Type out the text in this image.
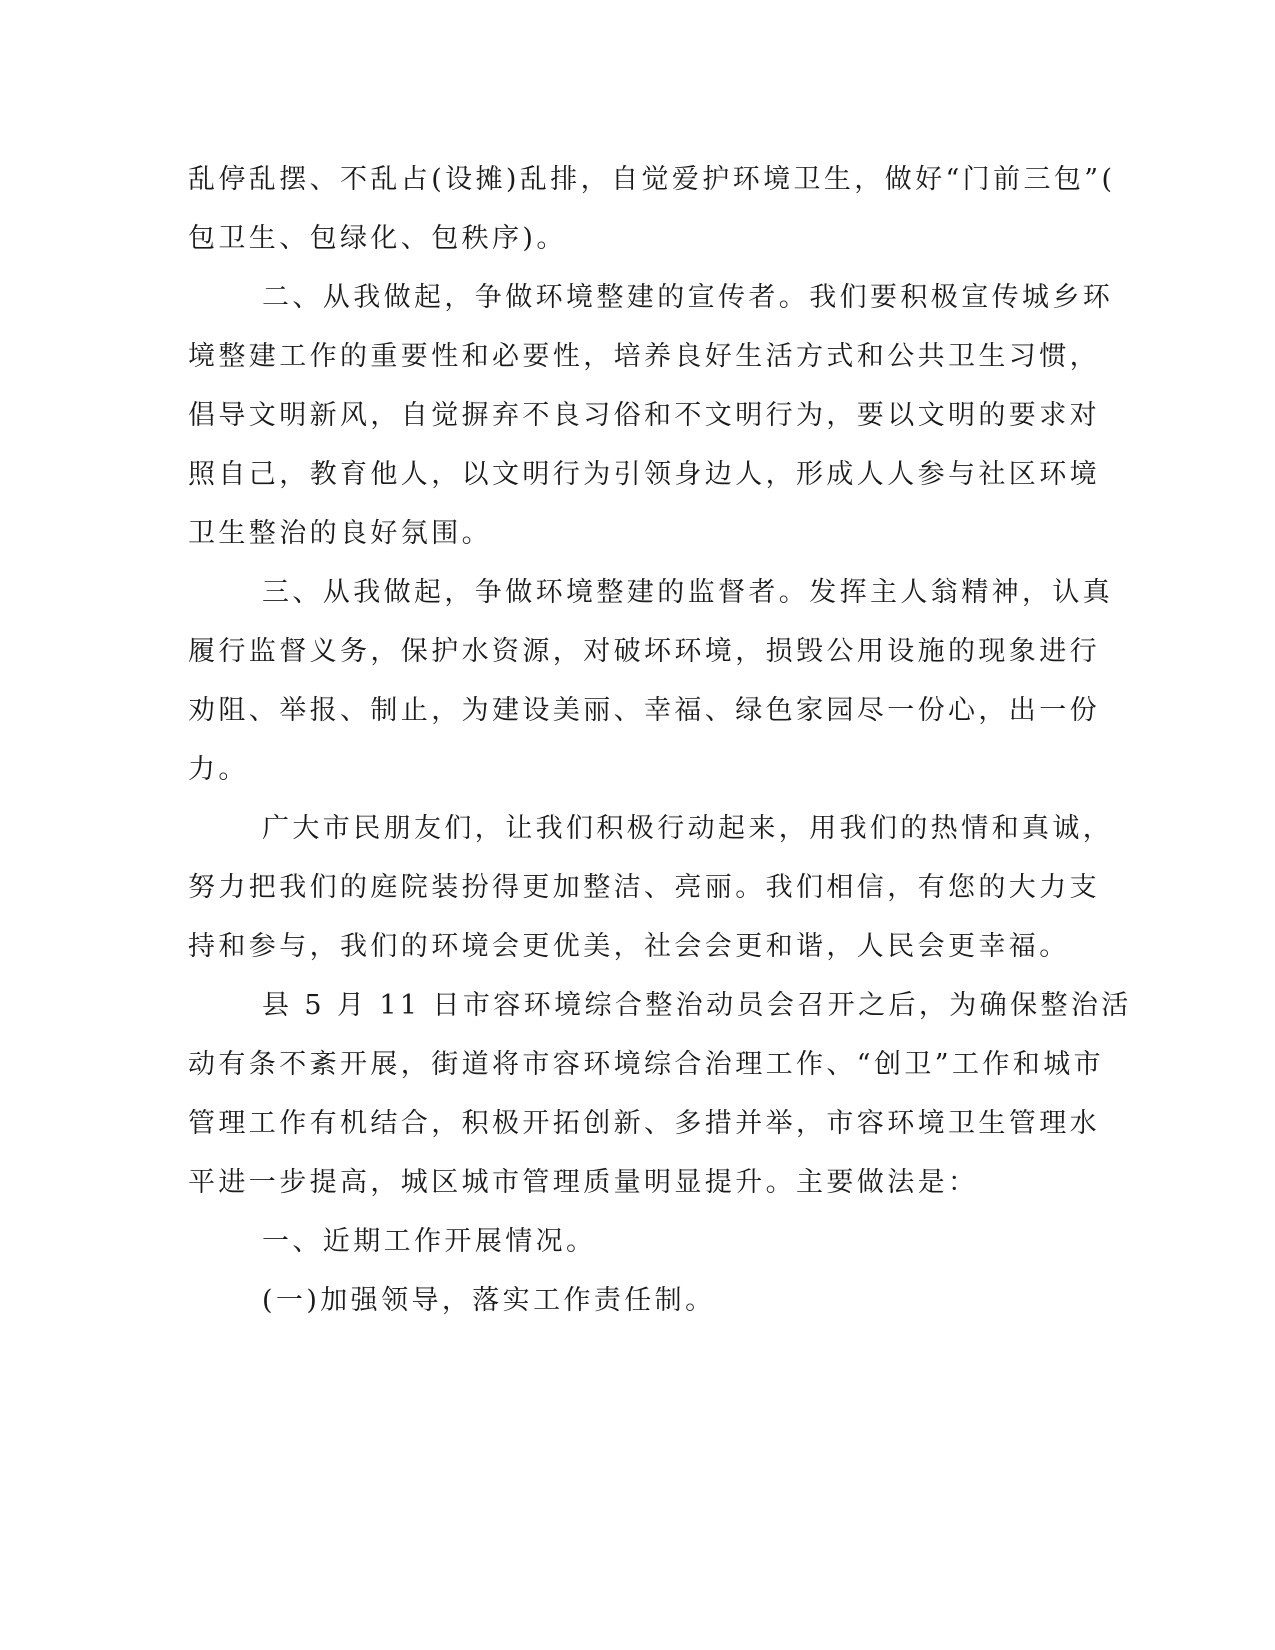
乱停乱摆、不乱占(设摊)乱排，自觉爱护环境卫生，做好“门前三包”(
包卫生、包绿化、包秩序)。
二、从我做起，争做环境整建的宣传者。我们要积极宣传城乡环
境整建工作的重要性和必要性，培养良好生活方式和公共卫生习惯，
倡导文明新风，自觉摒弃不良习俗和不文明行为，要以文明的要求对
照自己，教育他人，以文明行为引领身边人，形成人人参与社区环境
卫生整治的良好氛围。
三、从我做起，争做环境整建的监督者。发挥主人翁精神，认真
履行监督义务，保护水资源，对破坏环境，损毁公用设施的现象进行
劝阻、举报、制止，为建设美丽、幸福、绿色家园尽一份心，出一份
力。
广大市民朋友们，让我们积极行动起来，用我们的热情和真诚，
努力把我们的庭院装扮得更加整洁、亮丽。我们相信，有您的大力支
持和参与，我们的环境会更优美，社会会更和谐，人民会更幸福。
县 5 月 11 日市容环境综合整治动员会召开之后，为确保整治活
动有条不紊开展，街道将市容环境综合治理工作、“创卫”工作和城市
管理工作有机结合，积极开拓创新、多措并举，市容环境卫生管理水
平进一步提高，城区城市管理质量明显提升。主要做法是：
一、近期工作开展情况。
(一)加强领导，落实工作责任制。
